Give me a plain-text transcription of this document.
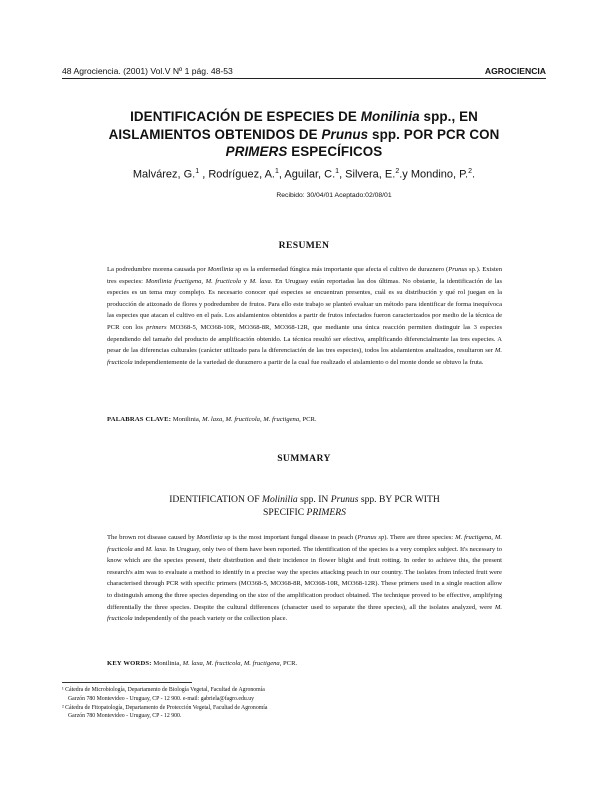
48 Agrociencia. (2001) Vol.V Nº 1 pág. 48-53	AGROCIENCIA
IDENTIFICACIÓN DE ESPECIES DE Monilinia spp., EN
AISLAMIENTOS OBTENIDOS DE Prunus spp. POR PCR CON
PRIMERS ESPECÍFICOS
Malvárez, G.$^1$ , Rodríguez, A.$^1$, Aguilar, C.$^1$, Silvera, E.$^2$.y Mondino, P.$^2$.
Recibido: 30/04/01 Aceptado:02/08/01
RESUMEN
La podredumbre morena causada por Monilinia sp es la enfermedad fúngica más importante que afecta el cultivo de duraznero (Prunus sp.). Existen tres especies: Monilinia fructigena, M. fructicola y M. laxa. En Uruguay están reportadas las dos últimas. No obstante, la identificación de las especies es un tema muy complejo. Es necesario conocer qué especies se encuentran presentes, cuál es su distribución y qué rol juegan en la producción de atizonado de flores y podredumbre de frutos. Para ello este trabajo se planteó evaluar un método para identificar de forma inequívoca las especies que atacan el cultivo en el país. Los aislamientos obtenidos a partir de frutos infectados fueron caracterizados por medio de la técnica de PCR con los primers MO368-5, MO368-10R, MO368-8R, MO368-12R, que mediante una única reacción permiten distinguir las 3 especies dependiendo del tamaño del producto de amplificación obtenido. La técnica resultó ser efectiva, amplificando diferencialmente las tres especies. A pesar de las diferencias culturales (carácter utilizado para la diferenciación de las tres especies), todos los aislamientos analizados, resultaron ser M. fructicola independientemente de la variedad de duraznero a partir de la cual fue realizado el aislamiento o del monte donde se obtuvo la fruta.
PALABRAS CLAVE: Monilinia, M. laxa, M. fructicola, M. fructigena, PCR.
SUMMARY
IDENTIFICATION OF Molinilia spp. IN Prunus spp. BY PCR WITH
SPECIFIC PRIMERS
The brown rot disease caused by Monilinia sp is the most important fungal disease in peach (Prunus sp). There are three species: M. fructigena, M. fructicola and M. laxa. In Uruguay, only two of them have been reported. The identification of the species is a very complex subject. It's necessary to know which are the species present, their distribution and their incidence in flower blight and fruit rotting. In order to achieve this, the present research's aim was to evaluate a method to identify in a precise way the species attacking peach in our country. The isolates from infected fruit were characterised through PCR with specific primers (MO368-5, MO368-8R, MO368-10R, MO368-12R). These primers used in a single reaction allow to distinguish among the three species depending on the size of the amplification product obtained. The technique proved to be effective, amplifying differentially the three species. Despite the cultural differences (character used to separate the three species), all the isolates analyzed, were M. fructicola independently of the peach variety or the collection place.
KEY WORDS: Monilinia, M. laxa, M. fructicola, M. fructigena, PCR.

¹ Cátedra de Microbiología, Departamento de Biología Vegetal, Facultad de Agronomía

Garzón 780 Montevideo - Uruguay, CP - 12 900. e-mail: gabriela@fagro.edu.uy

² Cátedra de Fitopatología, Departamento de Protección Vegetal, Facultad de Agronomía

Garzón 780 Montevideo - Uruguay, CP - 12 900.
